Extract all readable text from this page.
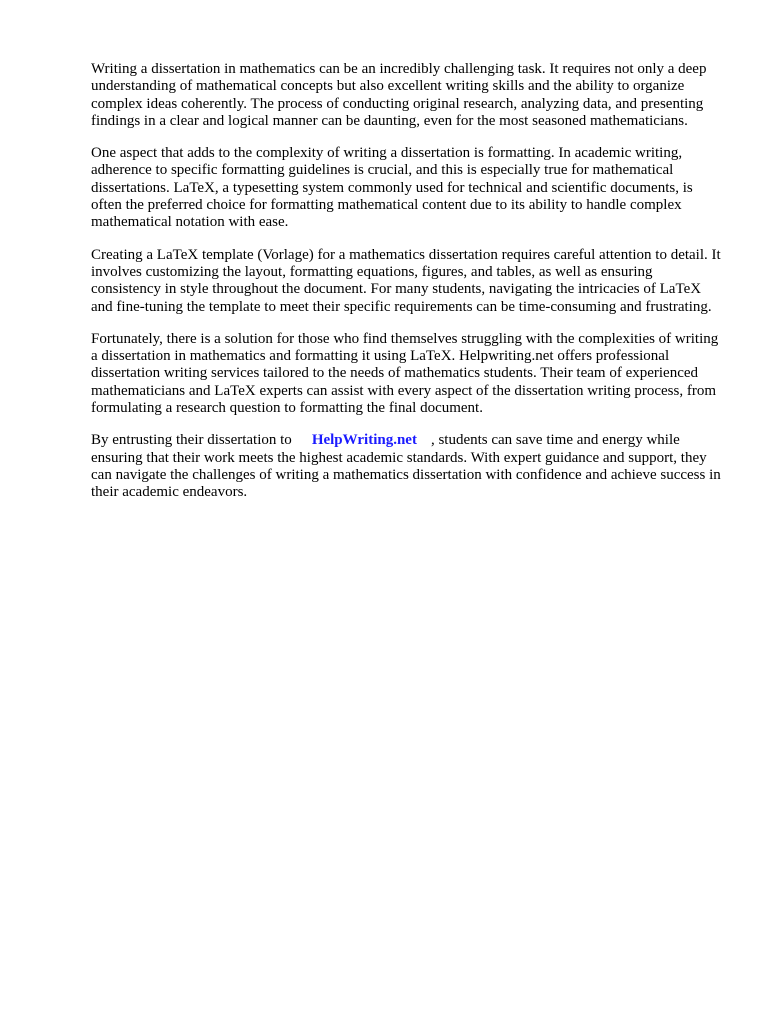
Writing a dissertation in mathematics can be an incredibly challenging task. It requires not only a deep understanding of mathematical concepts but also excellent writing skills and the ability to organize complex ideas coherently. The process of conducting original research, analyzing data, and presenting findings in a clear and logical manner can be daunting, even for the most seasoned mathematicians.

One aspect that adds to the complexity of writing a dissertation is formatting. In academic writing, adherence to specific formatting guidelines is crucial, and this is especially true for mathematical dissertations. LaTeX, a typesetting system commonly used for technical and scientific documents, is often the preferred choice for formatting mathematical content due to its ability to handle complex mathematical notation with ease.

Creating a LaTeX template (Vorlage) for a mathematics dissertation requires careful attention to detail. It involves customizing the layout, formatting equations, figures, and tables, as well as ensuring consistency in style throughout the document. For many students, navigating the intricacies of LaTeX and fine-tuning the template to meet their specific requirements can be time-consuming and frustrating.

Fortunately, there is a solution for those who find themselves struggling with the complexities of writing a dissertation in mathematics and formatting it using LaTeX. Helpwriting.net offers professional dissertation writing services tailored to the needs of mathematics students. Their team of experienced mathematicians and LaTeX experts can assist with every aspect of the dissertation writing process, from formulating a research question to formatting the final document.

By entrusting their dissertation to HelpWriting.net , students can save time and energy while ensuring that their work meets the highest academic standards. With expert guidance and support, they can navigate the challenges of writing a mathematics dissertation with confidence and achieve success in their academic endeavors.
